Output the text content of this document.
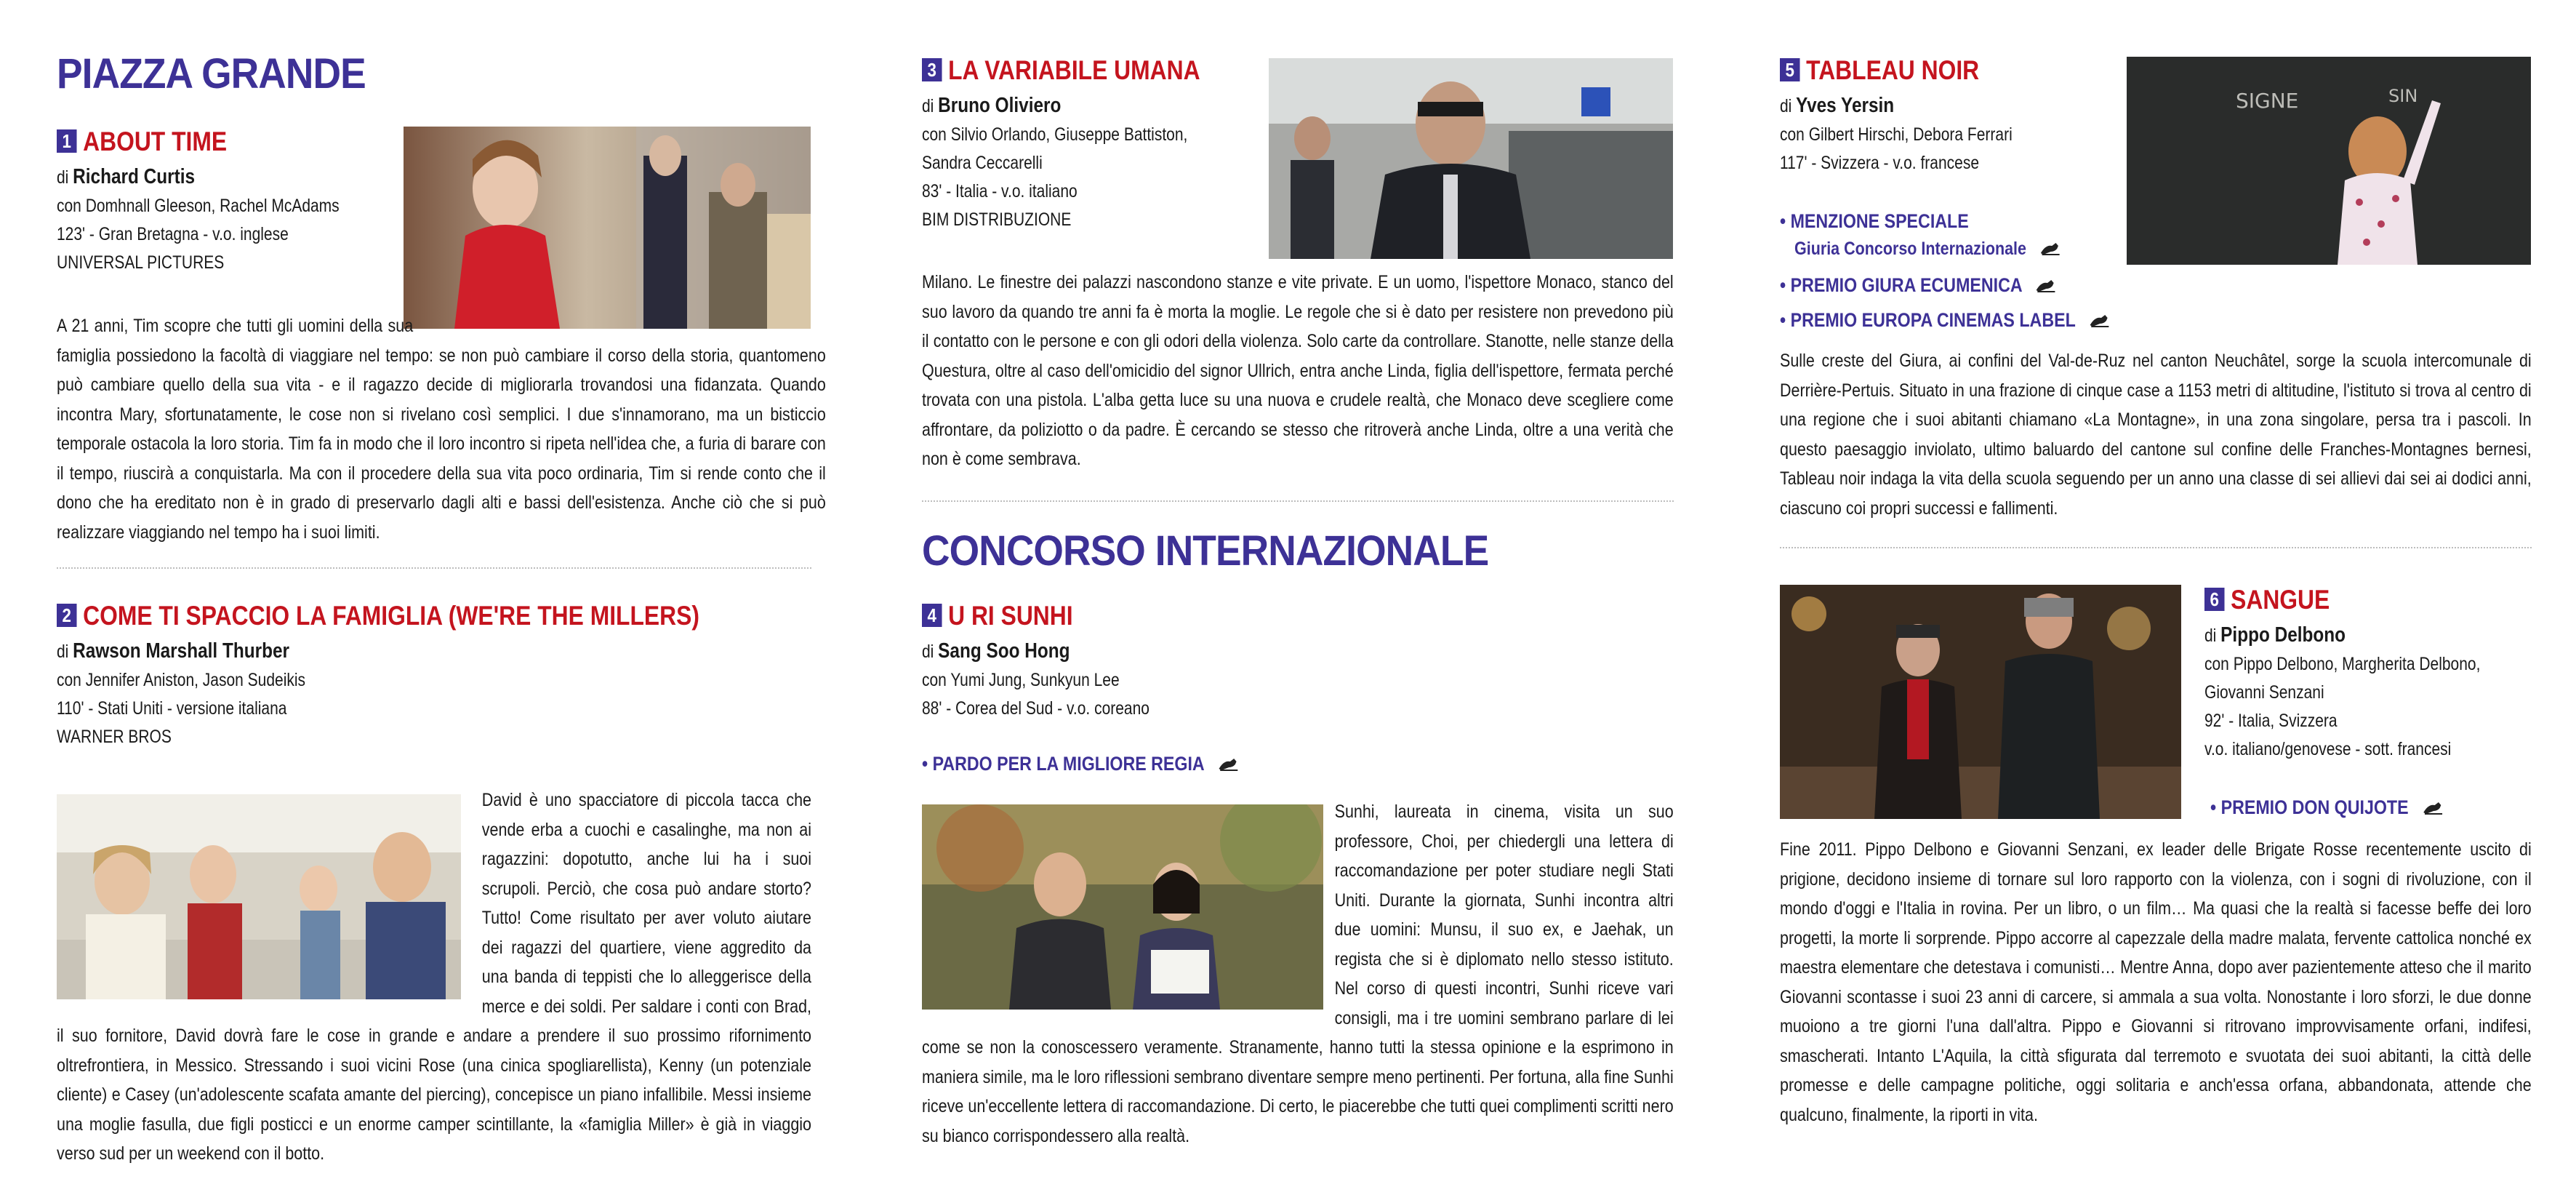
PIAZZA GRANDE
1 ABOUT TIME
di Richard Curtis
con Domhnall Gleeson, Rachel McAdams
123' - Gran Bretagna - v.o. inglese
UNIVERSAL PICTURES
A 21 anni, Tim scopre che tutti gli uomini della sua famiglia possiedono la facoltà di viaggiare nel tempo: se non può cambiare il corso della storia, quantomeno può cambiare quello della sua vita - e il ragazzo decide di migliorarla trovandosi una fidanzata. Quando incontra Mary, sfortunatamente, le cose non si rivelano così semplici. I due s'innamorano, ma un bisticcio temporale ostacola la loro storia. Tim fa in modo che il loro incontro si ripeta nell'idea che, a furia di barare con il tempo, riuscirà a conquistarla. Ma con il procedere della sua vita poco ordinaria, Tim si rende conto che il dono che ha ereditato non è in grado di preservarlo dagli alti e bassi dell'esistenza. Anche ciò che si può realizzare viaggiando nel tempo ha i suoi limiti.
2 COME TI SPACCIO LA FAMIGLIA (WE'RE THE MILLERS)
di Rawson Marshall Thurber
con Jennifer Aniston, Jason Sudeikis
110' - Stati Uniti - versione italiana
WARNER BROS
David è uno spacciatore di piccola tacca che vende erba a cuochi e casalinghe, ma non ai ragazzini: dopotutto, anche lui ha i suoi scrupoli. Perciò, che cosa può andare storto? Tutto! Come risultato per aver voluto aiutare dei ragazzi del quartiere, viene aggredito da una banda di teppisti che lo alleggerisce della merce e dei soldi. Per saldare i conti con Brad, il suo fornitore, David dovrà fare le cose in grande e andare a prendere il suo prossimo rifornimento oltrefrontiera, in Messico. Stressando i suoi vicini Rose (una cinica spogliarellista), Kenny (un potenziale cliente) e Casey (un'adolescente scafata amante del piercing), concepisce un piano infallibile. Messi insieme una moglie fasulla, due figli posticci e un enorme camper scintillante, la «famiglia Miller» è già in viaggio verso sud per un weekend con il botto.
3 LA VARIABILE UMANA
di Bruno Oliviero
con Silvio Orlando, Giuseppe Battiston,
Sandra Ceccarelli
83' - Italia - v.o. italiano
BIM DISTRIBUZIONE
Milano. Le finestre dei palazzi nascondono stanze e vite private. E un uomo, l'ispettore Monaco, stanco del suo lavoro da quando tre anni fa è morta la moglie. Le regole che si è dato per resistere non prevedono più il contatto con le persone e con gli odori della violenza. Solo carte da controllare. Stanotte, nelle stanze della Questura, oltre al caso dell'omicidio del signor Ullrich, entra anche Linda, figlia dell'ispettore, fermata perché trovata con una pistola. L'alba getta luce su una nuova e crudele realtà, che Monaco deve scegliere come affrontare, da poliziotto o da padre. È cercando se stesso che ritroverà anche Linda, oltre a una verità che non è come sembrava.
CONCORSO INTERNAZIONALE
4 U RI SUNHI
di Sang Soo Hong
con Yumi Jung, Sunkyun Lee
88' - Corea del Sud - v.o. coreano
• PARDO PER LA MIGLIORE REGIA
Sunhi, laureata in cinema, visita un suo professore, Choi, per chiedergli una lettera di raccomandazione per poter studiare negli Stati Uniti. Durante la giornata, Sunhi incontra altri due uomini: Munsu, il suo ex, e Jaehak, un regista che si è diplomato nello stesso istituto. Nel corso di questi incontri, Sunhi riceve vari consigli, ma i tre uomini sembrano parlare di lei come se non la conoscessero veramente. Stranamente, hanno tutti la stessa opinione e la esprimono in maniera simile, ma le loro riflessioni sembrano diventare sempre meno pertinenti. Per fortuna, alla fine Sunhi riceve un'eccellente lettera di raccomandazione. Di certo, le piacerebbe che tutti quei complimenti scritti nero su bianco corrispondessero alla realtà.
5 TABLEAU NOIR
di Yves Yersin
con Gilbert Hirschi, Debora Ferrari
117' - Svizzera - v.o. francese
SIGNE	SIN
• MENZIONE SPECIALE
Giuria Concorso Internazionale
• PREMIO GIURA ECUMENICA
• PREMIO EUROPA CINEMAS LABEL
Sulle creste del Giura, ai confini del Val-de-Ruz nel canton Neuchâtel, sorge la scuola intercomunale di Derrière-Pertuis. Situato in una frazione di cinque case a 1153 metri di altitudine, l'istituto si trova al centro di una regione che i suoi abitanti chiamano «La Montagne», in una zona singolare, persa tra i pascoli. In questo paesaggio inviolato, ultimo baluardo del cantone sul confine delle Franches-Montagnes bernesi, Tableau noir indaga la vita della scuola seguendo per un anno una classe di sei allievi dai sei ai dodici anni, ciascuno coi propri successi e fallimenti.
6 SANGUE
di Pippo Delbono
con Pippo Delbono, Margherita Delbono,
Giovanni Senzani
92' - Italia, Svizzera
v.o. italiano/genovese - sott. francesi
• PREMIO DON QUIJOTE
Fine 2011. Pippo Delbono e Giovanni Senzani, ex leader delle Brigate Rosse recentemente uscito di prigione, decidono insieme di tornare sul loro rapporto con la violenza, con i sogni di rivoluzione, con il mondo d'oggi e l'Italia in rovina. Per un libro, o un film… Ma quasi che la realtà si facesse beffe dei loro progetti, la morte li sorprende. Pippo accorre al capezzale della madre malata, fervente cattolica nonché ex maestra elementare che detestava i comunisti… Mentre Anna, dopo aver pazientemente atteso che il marito Giovanni scontasse i suoi 23 anni di carcere, si ammala a sua volta. Nonostante i loro sforzi, le due donne muoiono a tre giorni l'una dall'altra. Pippo e Giovanni si ritrovano improvvisamente orfani, indifesi, smascherati. Intanto L'Aquila, la città sfigurata dal terremoto e svuotata dei suoi abitanti, la città delle promesse e delle campagne politiche, oggi solitaria e anch'essa orfana, abbandonata, attende che qualcuno, finalmente, la riporti in vita.
